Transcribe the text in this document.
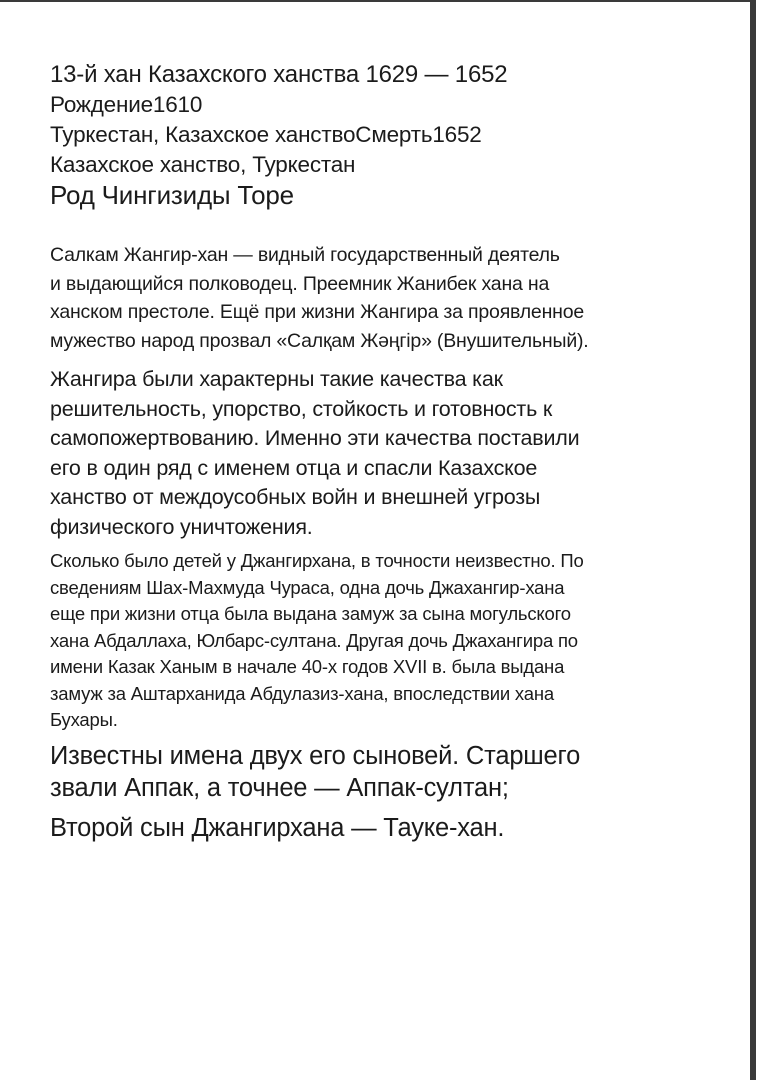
13-й хан Казахского ханства 1629 — 1652
Рождение1610
Туркестан, Казахское ханствоСмерть1652
Казахское ханство, Туркестан
Род Чингизиды Торе
Салкам Жангир-хан — видный государственный деятель
и выдающийся полководец. Преемник Жанибек хана на
ханском престоле. Ещё при жизни Жангира за проявленное
мужество народ прозвал «Салқам Жәңгір» (Внушительный).
Жангира были характерны такие качества как
решительность, упорство, стойкость и готовность к
самопожертвованию. Именно эти качества поставили
его в один ряд с именем отца и спасли Казахское
ханство от междоусобных войн и внешней угрозы
физического уничтожения.
Сколько было детей у Джангирхана, в точности неизвестно. По
сведениям Шах-Махмуда Чураса, одна дочь Джахангир-хана
еще при жизни отца была выдана замуж за сына могульского
хана Абдаллаха, Юлбарс-султана. Другая дочь Джахангира по
имени Казак Ханым в начале 40-х годов XVII в. была выдана
замуж за Аштарханида Абдулазиз-хана, впоследствии хана
Бухары.
Известны имена двух его сыновей. Старшего
звали Аппак, а точнее — Аппак-султан;
Второй сын Джангирхана — Тауке-хан.
